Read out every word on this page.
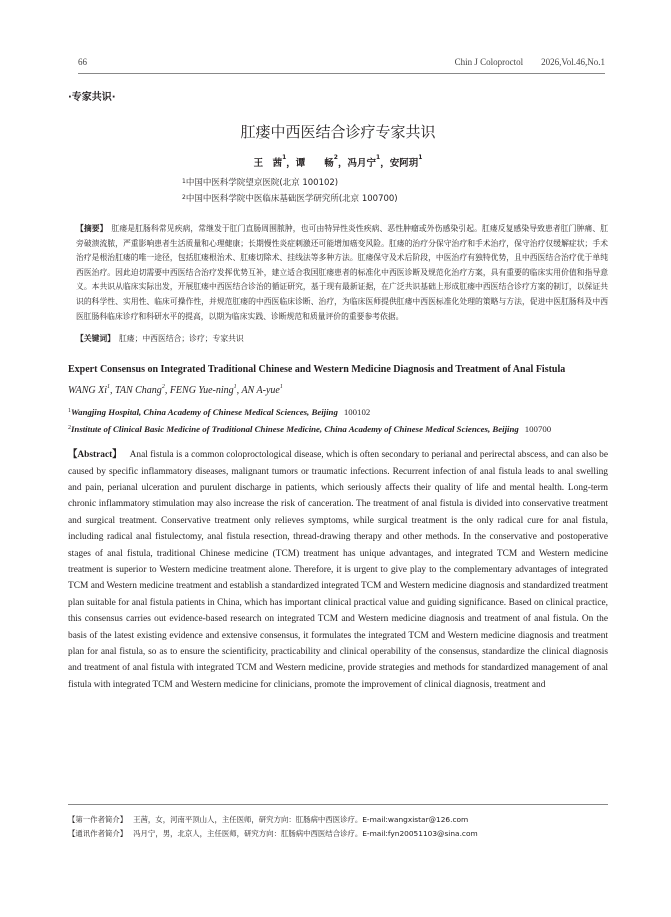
66	Chin J Coloproctol  2026,Vol.46,No.1
·专家共识·
肛瘘中西医结合诊疗专家共识
王 茜$^1$，谭  畅$^2$，冯月宁$^1$，安阿玥$^1$
$^1$中国中医科学院望京医院(北京 100102)
$^2$中国中医科学院中医临床基础医学研究所(北京 100700)
【摘要】 肛瘘是肛肠科常见疾病，常继发于肛门直肠周围脓肿，也可由特异性炎性疾病、恶性肿瘤或外伤感染引起。肛瘘反复感染导致患者肛门肿痛、肛旁破溃流脓，严重影响患者生活质量和心理健康；长期慢性炎症刺激还可能增加癌变风险。肛瘘的治疗分保守治疗和手术治疗，保守治疗仅缓解症状；手术治疗是根治肛瘘的唯一途径，包括肛瘘根治术、肛瘘切除术、挂线法等多种方法。肛瘘保守及术后阶段，中医治疗有独特优势，且中西医结合治疗优于单纯西医治疗。因此迫切需要中西医结合治疗发挥优势互补，建立适合我国肛瘘患者的标准化中西医诊断及规范化治疗方案，具有重要的临床实用价值和指导意义。本共识从临床实际出发，开展肛瘘中西医结合诊治的循证研究，基于现有最新证据，在广泛共识基础上形成肛瘘中西医结合诊疗方案的制订，以保证共识的科学性、实用性、临床可操作性，并规范肛瘘的中西医临床诊断、治疗，为临床医师提供肛瘘中西医标准化处理的策略与方法，促进中医肛肠科及中西医肛肠科临床诊疗和科研水平的提高，以期为临床实践、诊断规范和质量评价的重要参考依据。
【关键词】 肛瘘；中西医结合；诊疗；专家共识
Expert Consensus on Integrated Traditional Chinese and Western Medicine Diagnosis and Treatment of Anal Fistula
WANG Xi$^1$, TAN Chang$^2$, FENG Yue-ning$^1$, AN A-yue$^1$
$^1$Wangjing Hospital, China Academy of Chinese Medical Sciences, Beijing 100102
$^2$Institute of Clinical Basic Medicine of Traditional Chinese Medicine, China Academy of Chinese Medical Sciences, Beijing 100700
【Abstract】 Anal fistula is a common coloproctological disease, which is often secondary to perianal and perirectal abscess, and can also be caused by specific inflammatory diseases, malignant tumors or traumatic infections. Recurrent infection of anal fistula leads to anal swelling and pain, perianal ulceration and purulent discharge in patients, which seriously affects their quality of life and mental health. Long-term chronic inflammatory stimulation may also increase the risk of canceration. The treatment of anal fistula is divided into conservative treatment and surgical treatment. Conservative treatment only relieves symptoms, while surgical treatment is the only radical cure for anal fistula, including radical anal fistulectomy, anal fistula resection, thread-drawing therapy and other methods. In the conservative and postoperative stages of anal fistula, traditional Chinese medicine (TCM) treatment has unique advantages, and integrated TCM and Western medicine treatment is superior to Western medicine treatment alone. Therefore, it is urgent to give play to the complementary advantages of integrated TCM and Western medicine treatment and establish a standardized integrated TCM and Western medicine diagnosis and standardized treatment plan suitable for anal fistula patients in China, which has important clinical practical value and guiding significance. Based on clinical practice, this consensus carries out evidence-based research on integrated TCM and Western medicine diagnosis and treatment of anal fistula. On the basis of the latest existing evidence and extensive consensus, it formulates the integrated TCM and Western medicine diagnosis and treatment plan for anal fistula, so as to ensure the scientificity, practicability and clinical operability of the consensus, standardize the clinical diagnosis and treatment of anal fistula with integrated TCM and Western medicine, provide strategies and methods for standardized management of anal fistula with integrated TCM and Western medicine for clinicians, promote the improvement of clinical diagnosis, treatment and
【第一作者简介】 王茜，女，河南平顶山人，主任医师，研究方向：肛肠病中西医诊疗。E-mail:wangxistar@126.com
【通讯作者简介】 冯月宁，男，北京人，主任医师，研究方向：肛肠病中西医结合诊疗。E-mail:fyn20051103@sina.com
